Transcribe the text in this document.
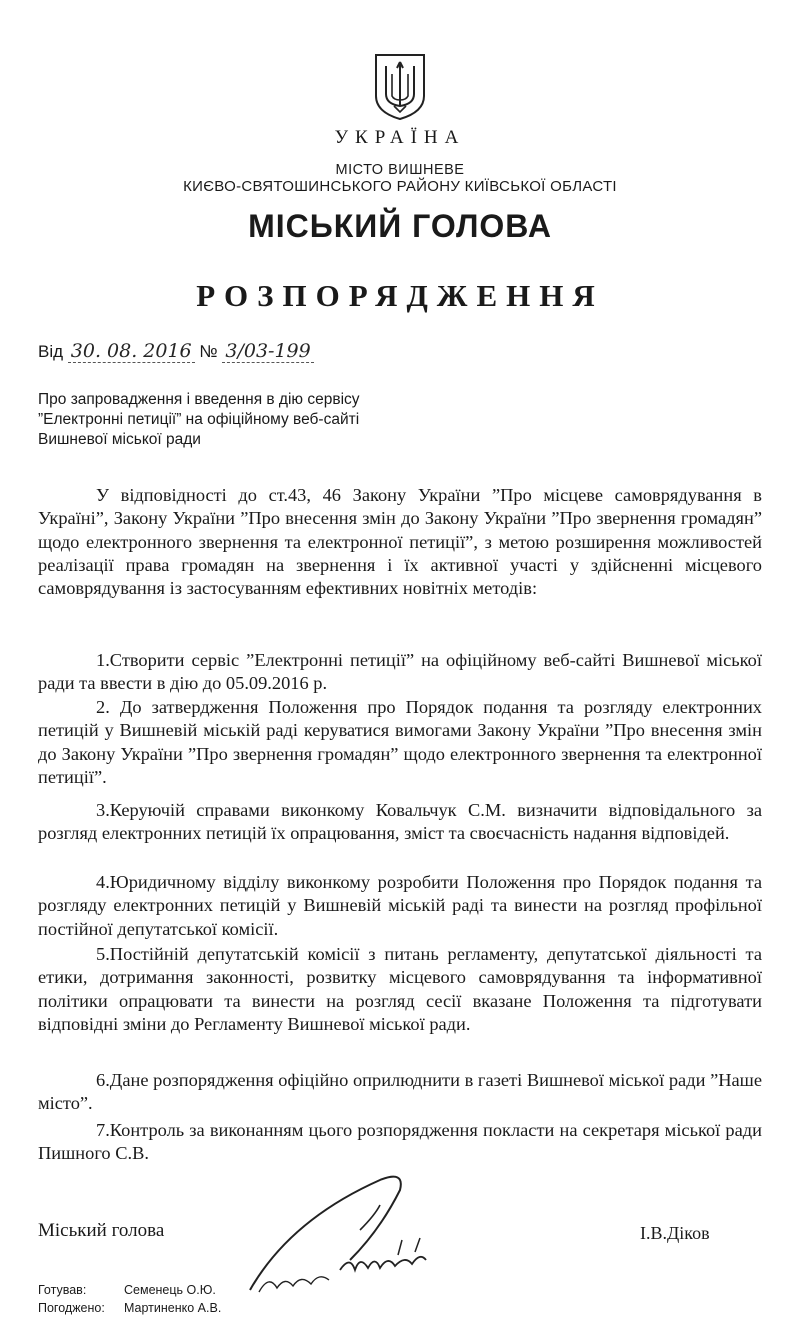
УКРАЇНА
МІСТО ВИШНЕВЕ
КИЄВО-СВЯТОШИНСЬКОГО РАЙОНУ КИЇВСЬКОЇ ОБЛАСТІ
МІСЬКИЙ ГОЛОВА
РОЗПОРЯДЖЕННЯ
Від 30. 08. 2016 № 3/03-199
Про запровадження і введення в дію сервісу
”Електронні петиції” на офіційному веб-сайті
Вишневої міської ради

У відповідності до ст.43, 46 Закону України ”Про місцеве самоврядування в Україні”, Закону України ”Про внесення змін до Закону України ”Про звернення громадян” щодо електронного звернення та електронної петиції”, з метою розширення можливостей реалізації права громадян на звернення і їх активної участі у здійсненні місцевого самоврядування із застосуванням ефективних новітніх методів:

1.Створити сервіс ”Електронні петиції” на офіційному веб-сайті Вишневої міської ради та ввести в дію до 05.09.2016 р.

2. До затвердження Положення про Порядок подання та розгляду електронних петицій у Вишневій міській раді керуватися вимогами Закону України ”Про внесення змін до Закону України ”Про звернення громадян” щодо електронного звернення та електронної петиції”.

3.Керуючій справами виконкому Ковальчук С.М. визначити відповідального за розгляд електронних петицій їх опрацювання, зміст та своєчасність надання відповідей.

4.Юридичному відділу виконкому розробити Положення про Порядок подання та розгляду електронних петицій у Вишневій міській раді та винести на розгляд профільної постійної депутатської комісії.

5.Постійній депутатській комісії з питань регламенту, депутатської діяльності та етики, дотримання законності, розвитку місцевого самоврядування та інформативної політики опрацювати та винести на розгляд сесії вказане Положення та підготувати відповідні зміни до Регламенту Вишневої міської ради.

6.Дане розпорядження офіційно оприлюднити в газеті Вишневої міської ради ”Наше місто”.

7.Контроль за виконанням цього розпорядження покласти на секретаря міської ради Пишного С.В.

Міський голова	І.В.Діков
Готував:	Семенець О.Ю.
Погоджено: Мартиненко А.В.
